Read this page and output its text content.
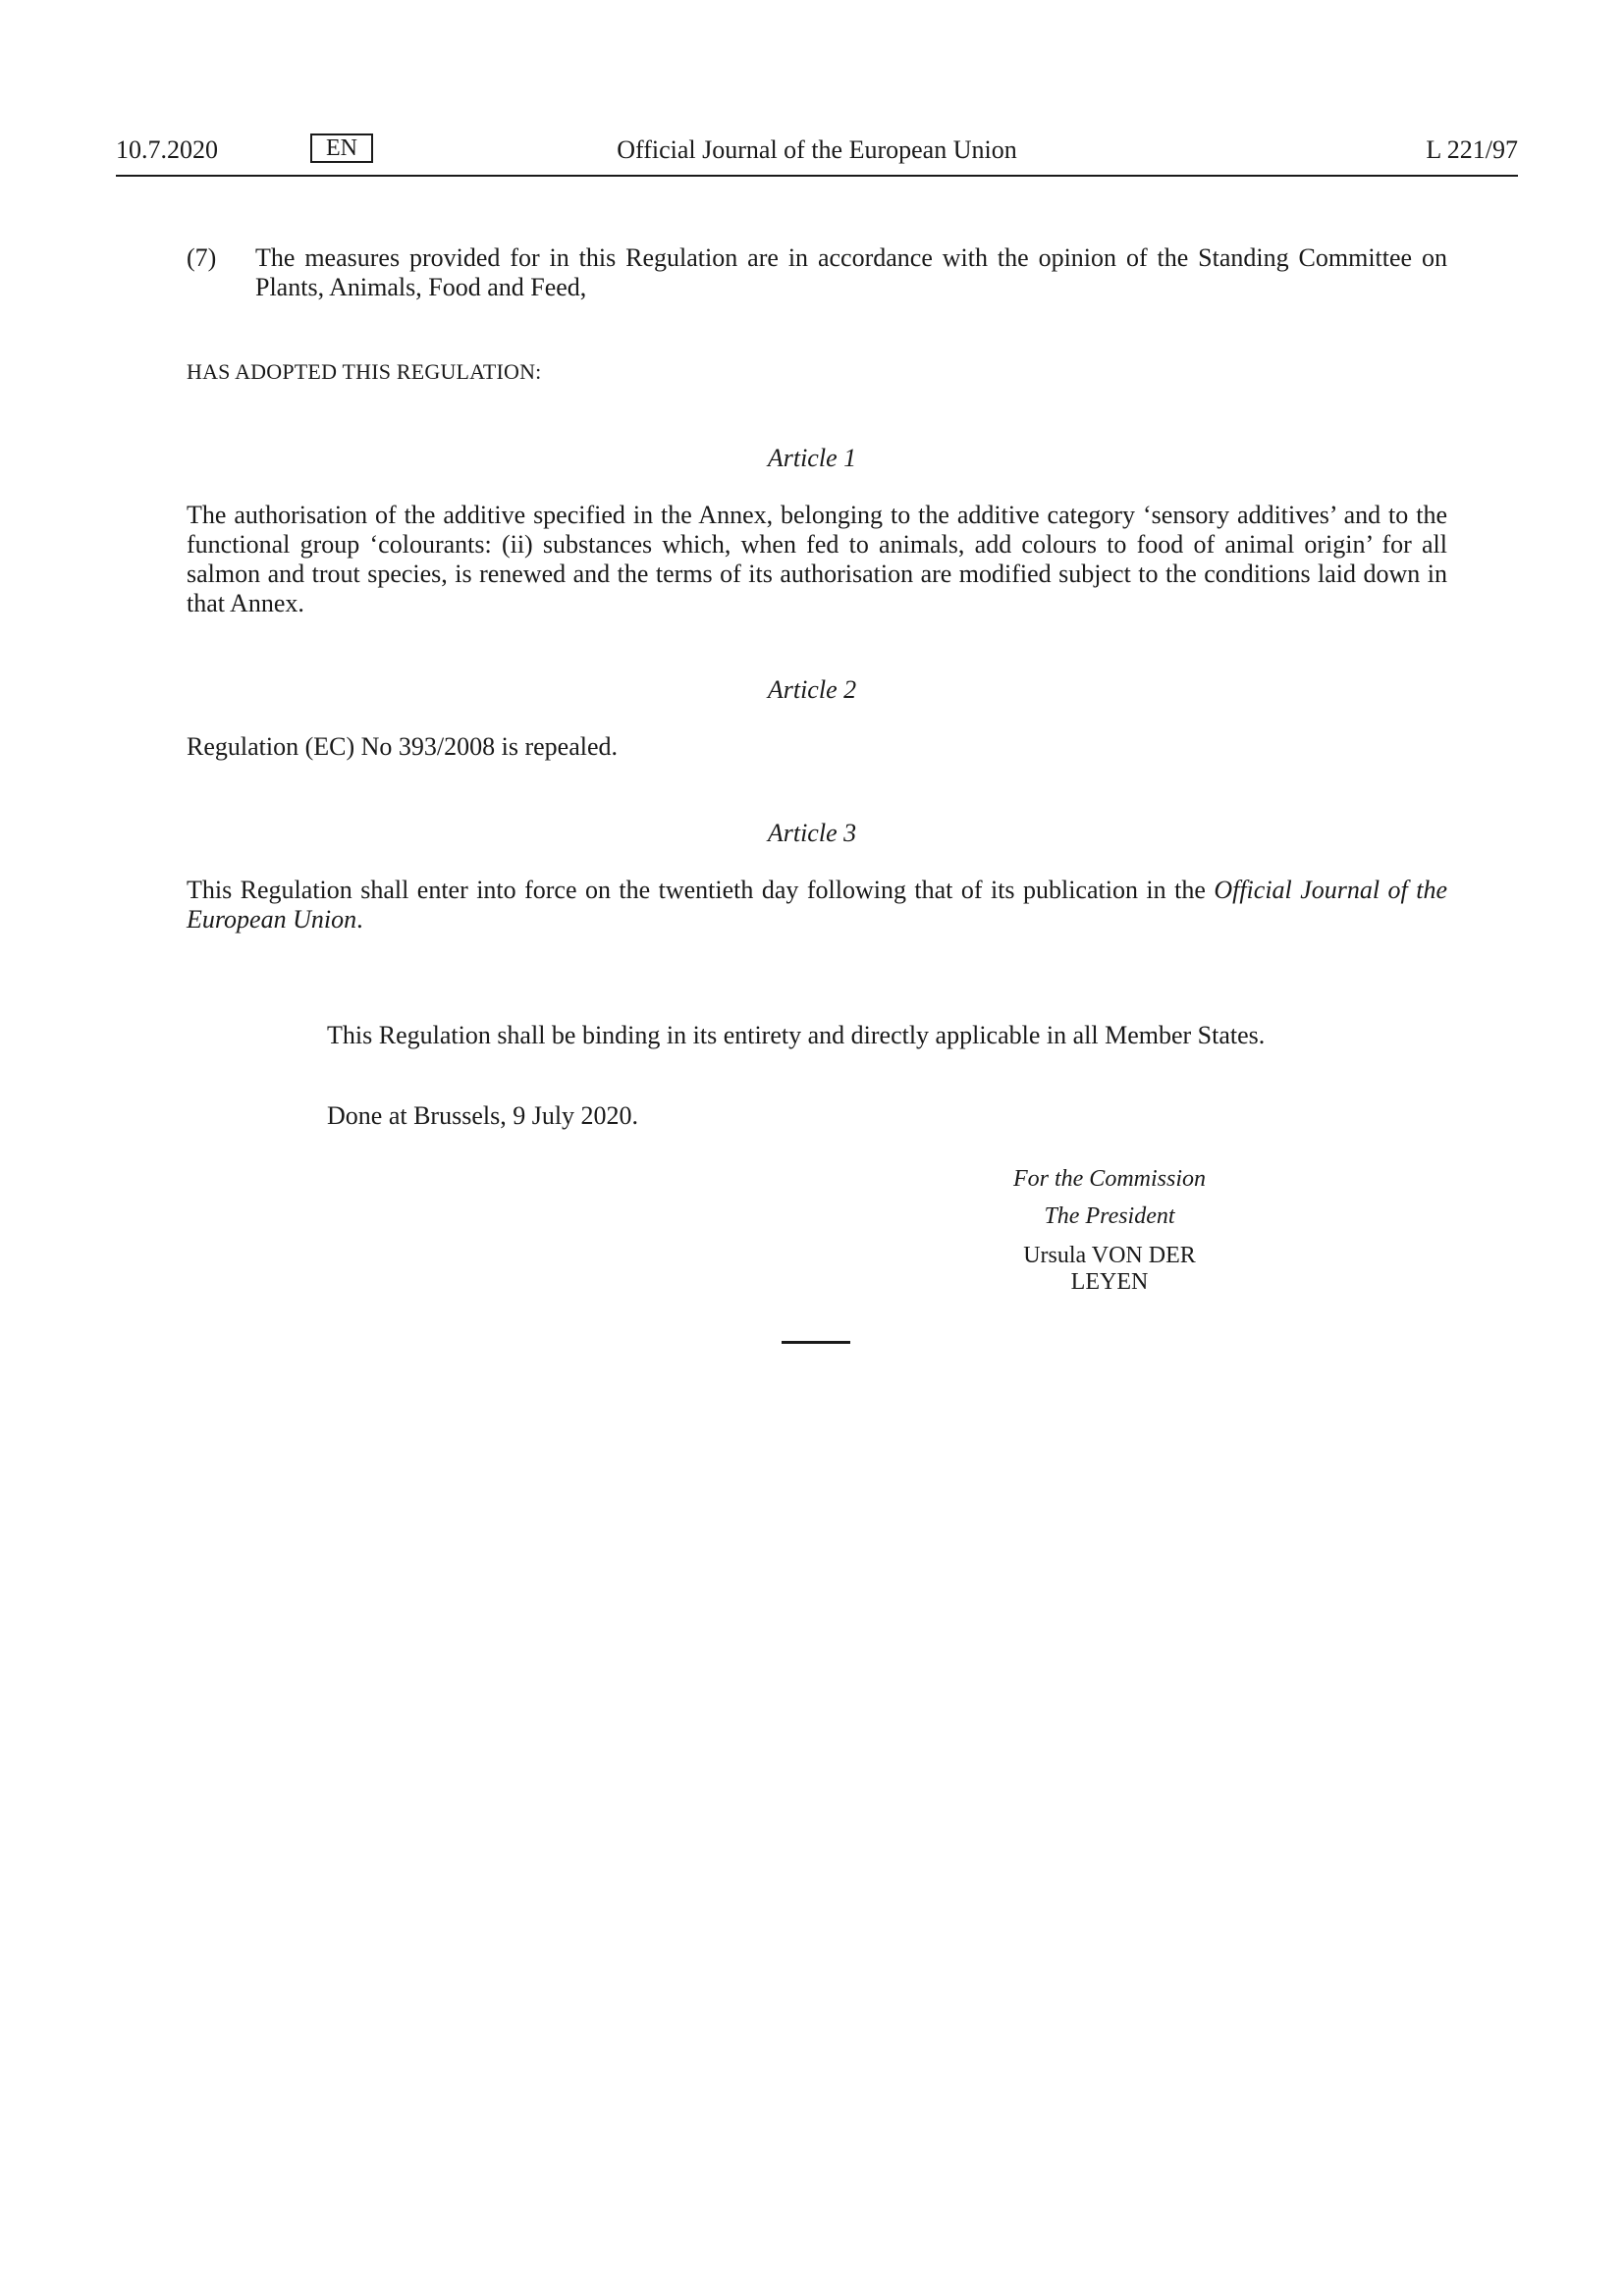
10.7.2020	EN	Official Journal of the European Union	L 221/97
(7) The measures provided for in this Regulation are in accordance with the opinion of the Standing Committee on Plants, Animals, Food and Feed,
HAS ADOPTED THIS REGULATION:
Article 1
The authorisation of the additive specified in the Annex, belonging to the additive category ‘sensory additives’ and to the functional group ‘colourants: (ii) substances which, when fed to animals, add colours to food of animal origin’ for all salmon and trout species, is renewed and the terms of its authorisation are modified subject to the conditions laid down in that Annex.
Article 2
Regulation (EC) No 393/2008 is repealed.
Article 3
This Regulation shall enter into force on the twentieth day following that of its publication in the Official Journal of the European Union.
This Regulation shall be binding in its entirety and directly applicable in all Member States.
Done at Brussels, 9 July 2020.
For the Commission
The President
Ursula VON DER LEYEN
